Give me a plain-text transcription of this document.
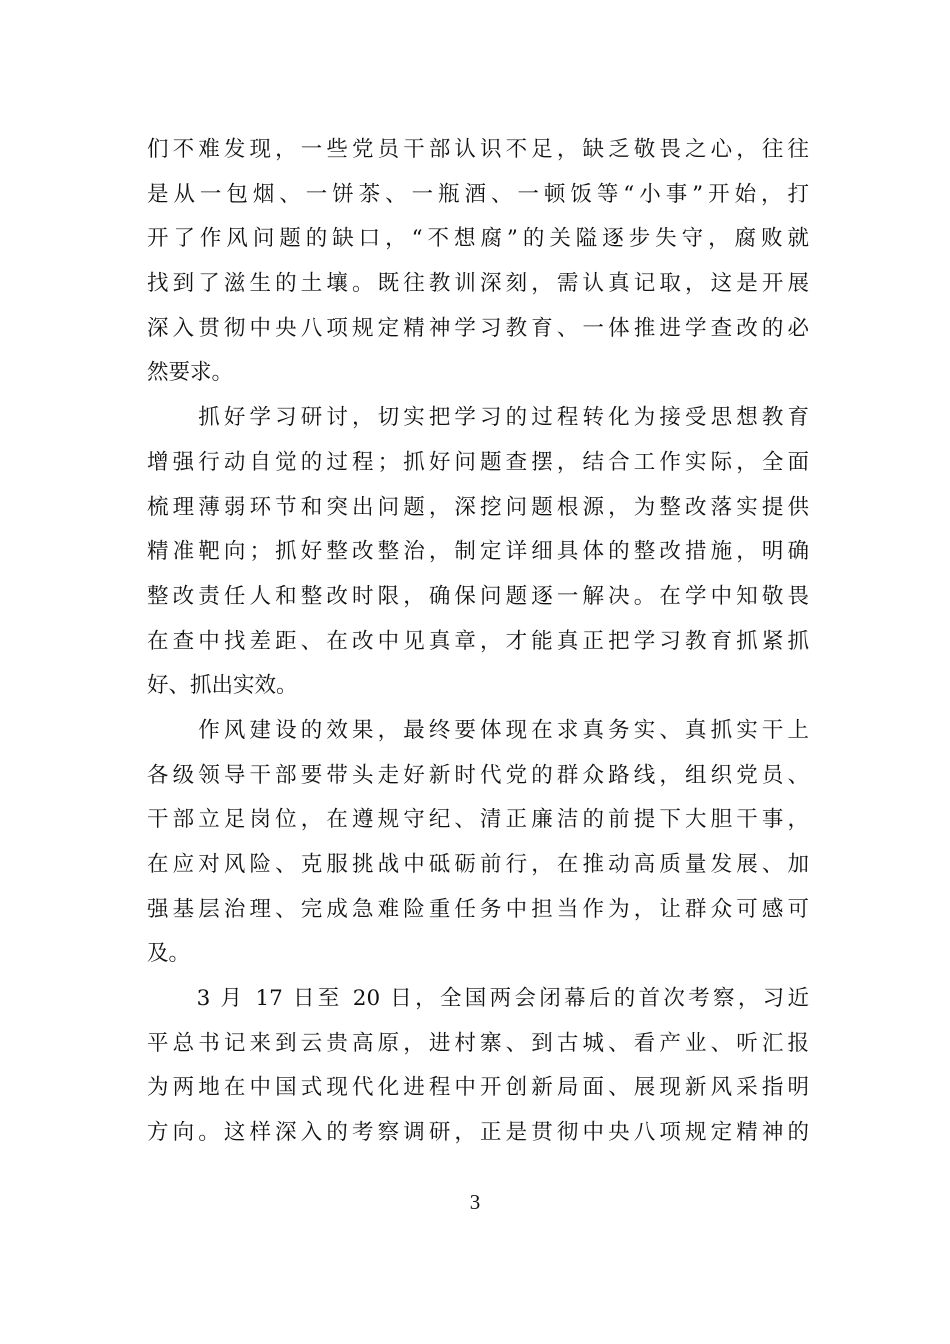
们不难发现，一些党员干部认识不足，缺乏敬畏之心，往往
是从一包烟、一饼茶、一瓶酒、一顿饭等“小事”开始，打
开了作风问题的缺口，“不想腐”的关隘逐步失守，腐败就
找到了滋生的土壤。既往教训深刻，需认真记取，这是开展
深入贯彻中央八项规定精神学习教育、一体推进学查改的必
然要求。
　　抓好学习研讨，切实把学习的过程转化为接受思想教育
增强行动自觉的过程；抓好问题查摆，结合工作实际，全面
梳理薄弱环节和突出问题，深挖问题根源，为整改落实提供
精准靶向；抓好整改整治，制定详细具体的整改措施，明确
整改责任人和整改时限，确保问题逐一解决。在学中知敬畏
在查中找差距、在改中见真章，才能真正把学习教育抓紧抓
好、抓出实效。
　　作风建设的效果，最终要体现在求真务实、真抓实干上
各级领导干部要带头走好新时代党的群众路线，组织党员、
干部立足岗位，在遵规守纪、清正廉洁的前提下大胆干事，
在应对风险、克服挑战中砥砺前行，在推动高质量发展、加
强基层治理、完成急难险重任务中担当作为，让群众可感可
及。
　　3 月 17 日至 20 日，全国两会闭幕后的首次考察，习近
平总书记来到云贵高原，进村寨、到古城、看产业、听汇报
为两地在中国式现代化进程中开创新局面、展现新风采指明
方向。这样深入的考察调研，正是贯彻中央八项规定精神的
3
